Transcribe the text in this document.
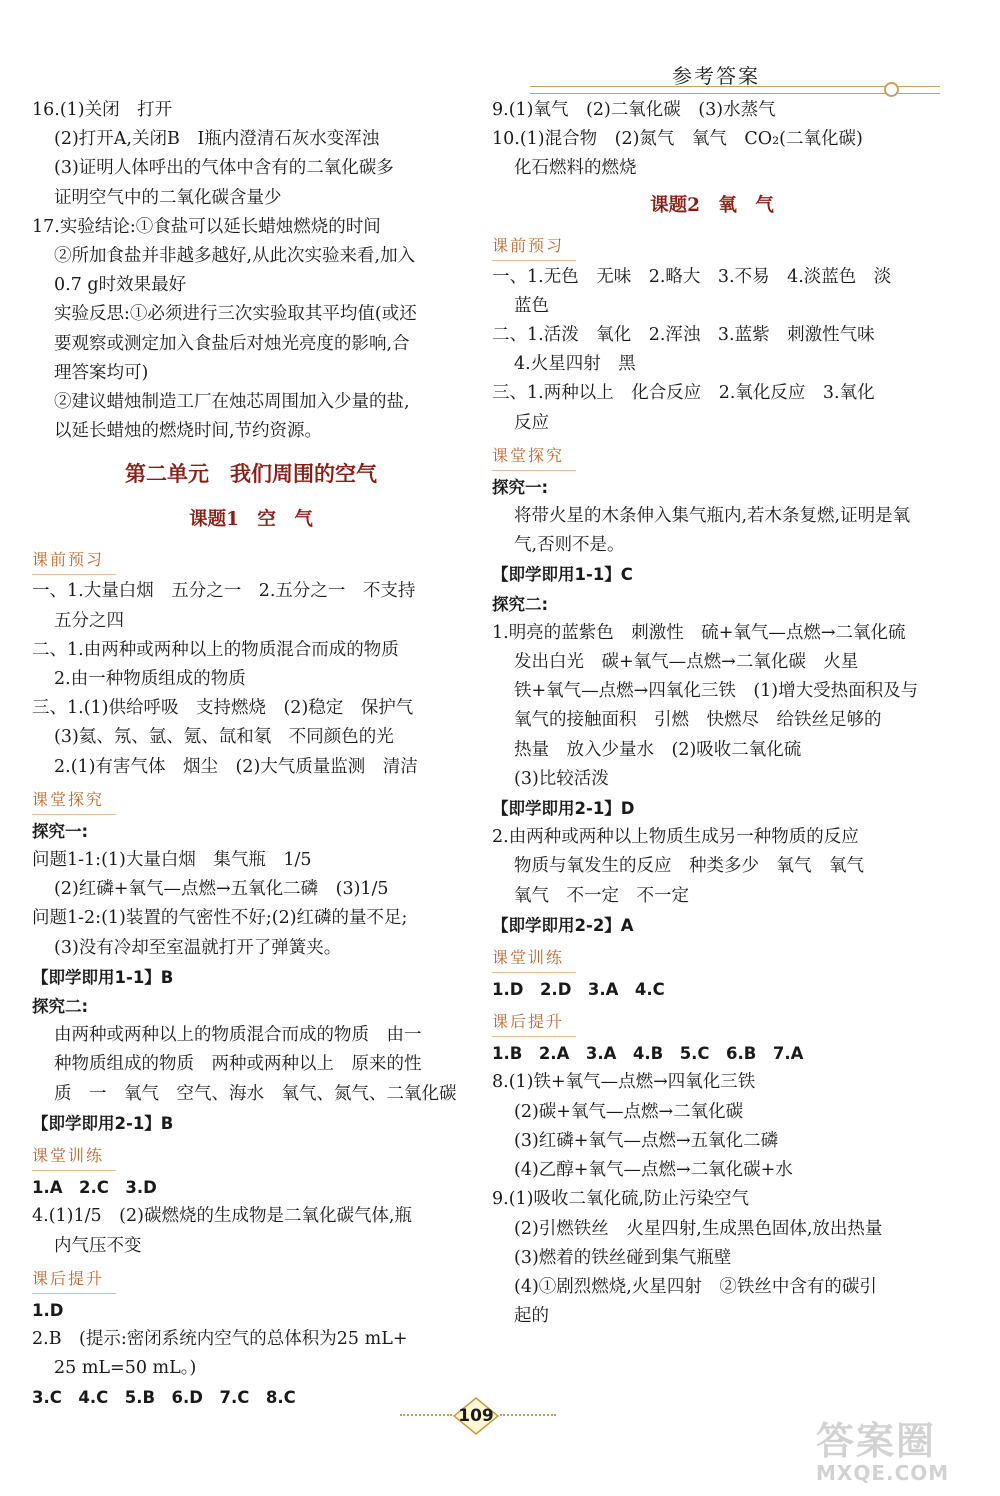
参考答案
16.(1)关闭　打开
(2)打开A,关闭B　Ⅰ瓶内澄清石灰水变浑浊
(3)证明人体呼出的气体中含有的二氧化碳多
证明空气中的二氧化碳含量少
17.实验结论:①食盐可以延长蜡烛燃烧的时间
②所加食盐并非越多越好,从此次实验来看,加入
0.7 g时效果最好
实验反思:①必须进行三次实验取其平均值(或还
要观察或测定加入食盐后对烛光亮度的影响,合
理答案均可)
②建议蜡烛制造工厂在烛芯周围加入少量的盐,
以延长蜡烛的燃烧时间,节约资源。
第二单元　我们周围的空气
课题1　空　气
课前预习
一、1.大量白烟　五分之一　2.五分之一　不支持
五分之四
二、1.由两种或两种以上的物质混合而成的物质
2.由一种物质组成的物质
三、1.(1)供给呼吸　支持燃烧　(2)稳定　保护气
(3)氦、氖、氩、氪、氙和氡　不同颜色的光
2.(1)有害气体　烟尘　(2)大气质量监测　清洁
课堂探究
探究一:
问题1-1:(1)大量白烟　集气瓶　1/5
(2)红磷+氧气—点燃→五氧化二磷　(3)1/5
问题1-2:(1)装置的气密性不好;(2)红磷的量不足;
(3)没有冷却至室温就打开了弹簧夹。
【即学即用1-1】B
探究二:
由两种或两种以上的物质混合而成的物质　由一
种物质组成的物质　两种或两种以上　原来的性
质　一　氧气　空气、海水　氧气、氮气、二氧化碳
【即学即用2-1】B
课堂训练
1.A　2.C　3.D
4.(1)1/5　(2)碳燃烧的生成物是二氧化碳气体,瓶
内气压不变
课后提升
1.D
2.B　(提示:密闭系统内空气的总体积为25 mL+
25 mL=50 mL。)
3.C　4.C　5.B　6.D　7.C　8.C
9.(1)氧气　(2)二氧化碳　(3)水蒸气
10.(1)混合物　(2)氮气　氧气　CO₂(二氧化碳)
化石燃料的燃烧
课题2　氧　气
课前预习
一、1.无色　无味　2.略大　3.不易　4.淡蓝色　淡
蓝色
二、1.活泼　氧化　2.浑浊　3.蓝紫　刺激性气味
4.火星四射　黑
三、1.两种以上　化合反应　2.氧化反应　3.氧化
反应
课堂探究
探究一:
将带火星的木条伸入集气瓶内,若木条复燃,证明是氧
气,否则不是。
【即学即用1-1】C
探究二:
1.明亮的蓝紫色　刺激性　硫+氧气—点燃→二氧化硫
发出白光　碳+氧气—点燃→二氧化碳　火星
铁+氧气—点燃→四氧化三铁　(1)增大受热面积及与
氧气的接触面积　引燃　快燃尽　给铁丝足够的
热量　放入少量水　(2)吸收二氧化硫
(3)比较活泼
【即学即用2-1】D
2.由两种或两种以上物质生成另一种物质的反应
物质与氧发生的反应　种类多少　氧气　氧气
氧气　不一定　不一定
【即学即用2-2】A
课堂训练
1.D　2.D　3.A　4.C
课后提升
1.B　2.A　3.A　4.B　5.C　6.B　7.A
8.(1)铁+氧气—点燃→四氧化三铁
(2)碳+氧气—点燃→二氧化碳
(3)红磷+氧气—点燃→五氧化二磷
(4)乙醇+氧气—点燃→二氧化碳+水
9.(1)吸收二氧化硫,防止污染空气
(2)引燃铁丝　火星四射,生成黑色固体,放出热量
(3)燃着的铁丝碰到集气瓶壁
(4)①剧烈燃烧,火星四射　②铁丝中含有的碳引
起的
109
答案圈
MXQE.COM
